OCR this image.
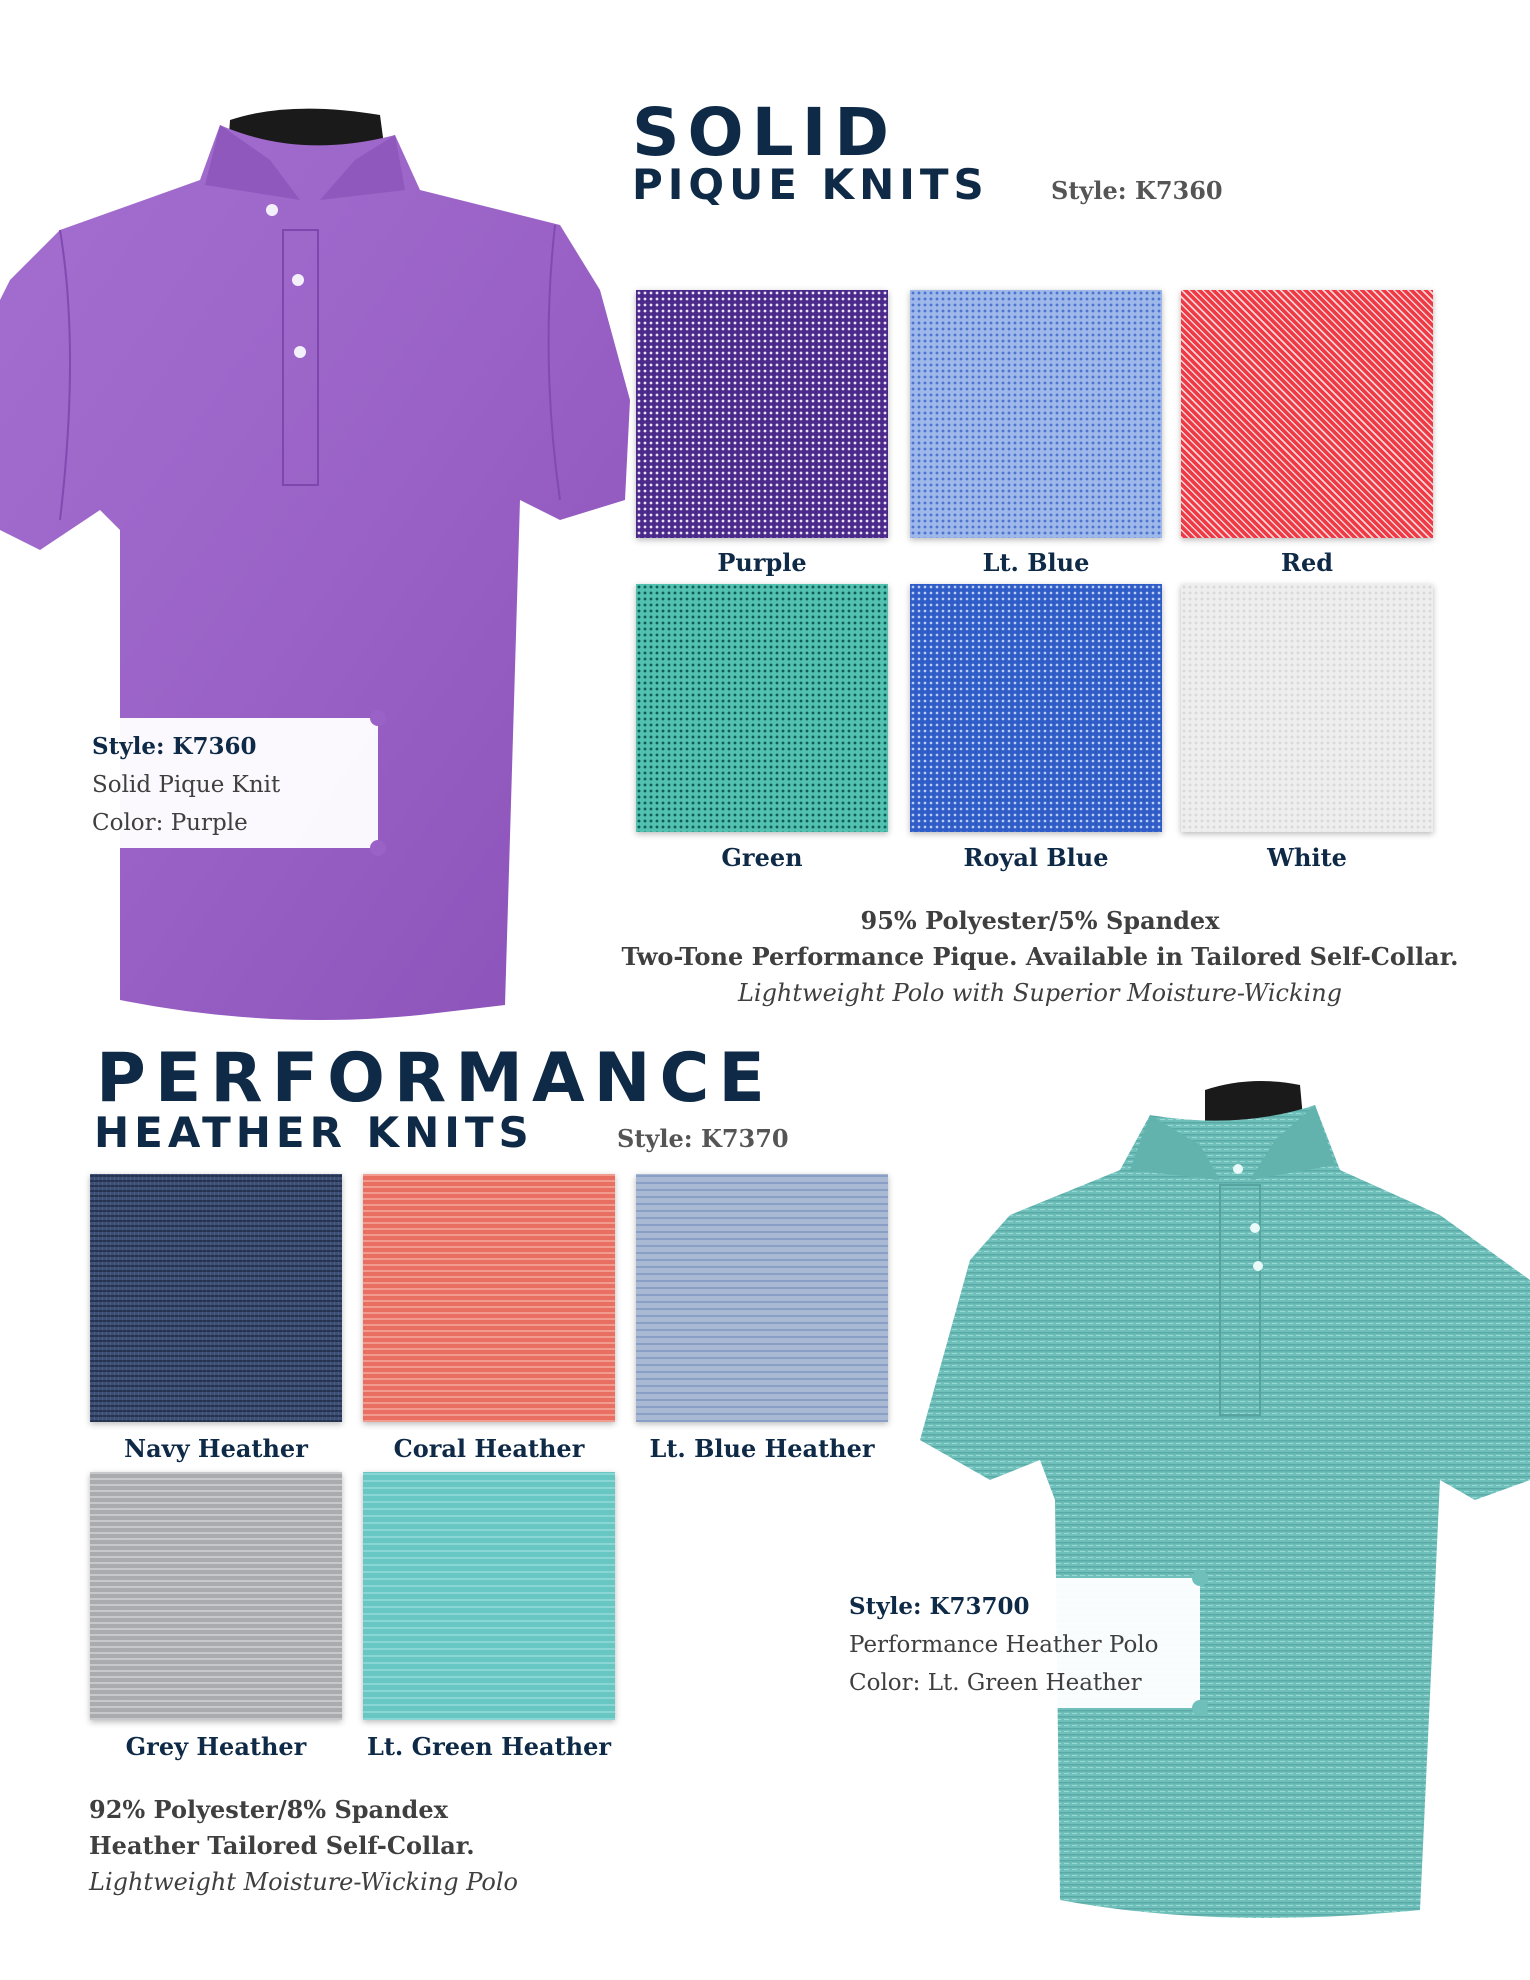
Style: K7360
Solid Pique Knit
Color: Purple
SOLID
PIQUE KNITS	Style: K7360
Purple	Lt. Blue	Red
Green	Royal Blue	White
95% Polyester/5% Spandex
Two-Tone Performance Pique. Available in Tailored Self-Collar.
Lightweight Polo with Superior Moisture-Wicking
PERFORMANCE
HEATHER KNITS	Style: K7370
Navy Heather	Coral Heather	Lt. Blue Heather
Grey Heather	Lt. Green Heather
92% Polyester/8% Spandex
Heather Tailored Self-Collar.
Lightweight Moisture-Wicking Polo
Style: K73700
Performance Heather Polo
Color: Lt. Green Heather
